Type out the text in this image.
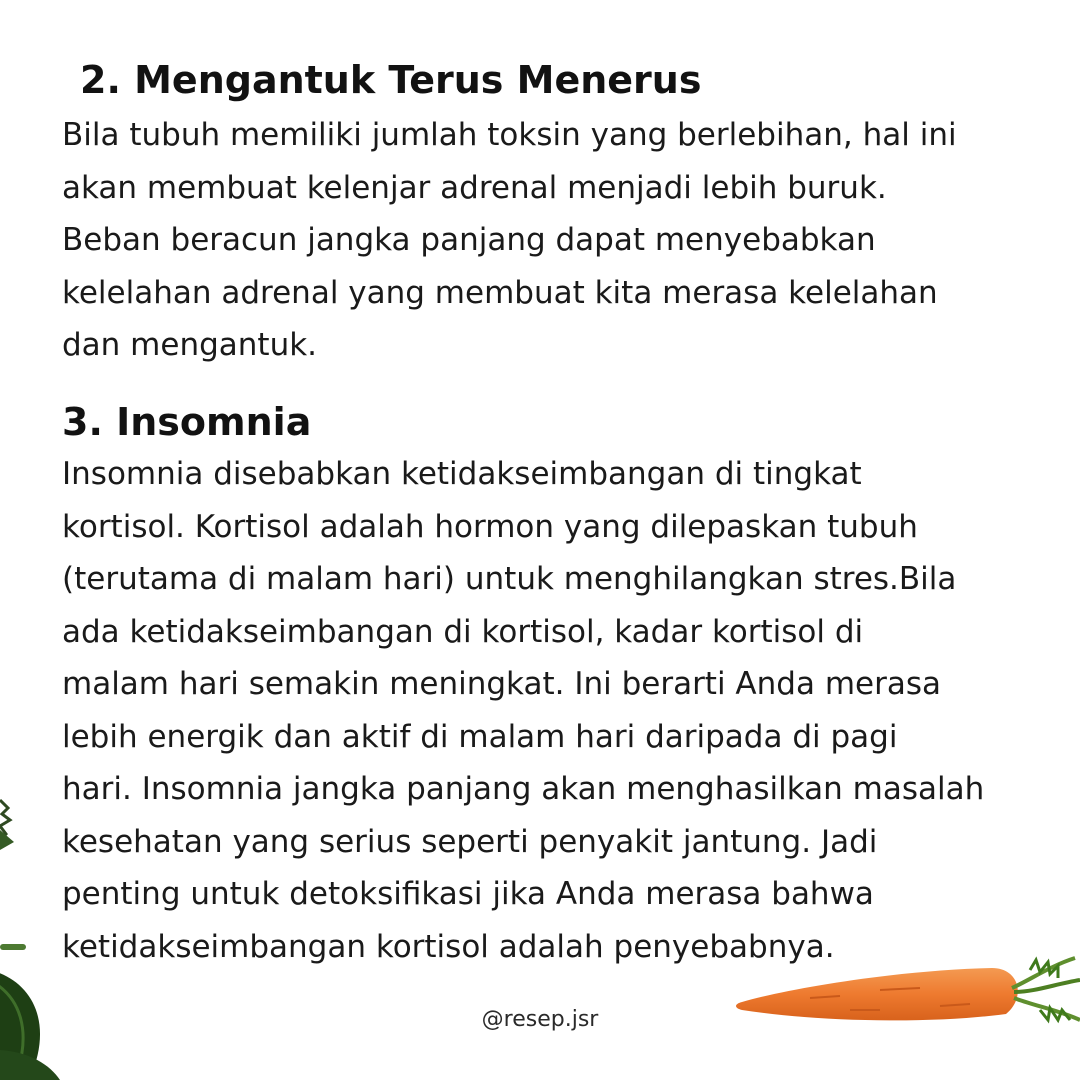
2. Mengantuk Terus Menerus

Bila tubuh memiliki jumlah toksin yang berlebihan, hal ini
akan membuat kelenjar adrenal menjadi lebih buruk.
Beban beracun jangka panjang dapat menyebabkan
kelelahan adrenal yang membuat kita merasa kelelahan
dan mengantuk.

3. Insomnia

Insomnia disebabkan ketidakseimbangan di tingkat
kortisol. Kortisol adalah hormon yang dilepaskan tubuh
(terutama di malam hari) untuk menghilangkan stres.Bila
ada ketidakseimbangan di kortisol, kadar kortisol di
malam hari semakin meningkat. Ini berarti Anda merasa
lebih energik dan aktif di malam hari daripada di pagi
hari. Insomnia jangka panjang akan menghasilkan masalah
kesehatan yang serius seperti penyakit jantung. Jadi
penting untuk detoksifikasi jika Anda merasa bahwa
ketidakseimbangan kortisol adalah penyebabnya.

@resep.jsr
